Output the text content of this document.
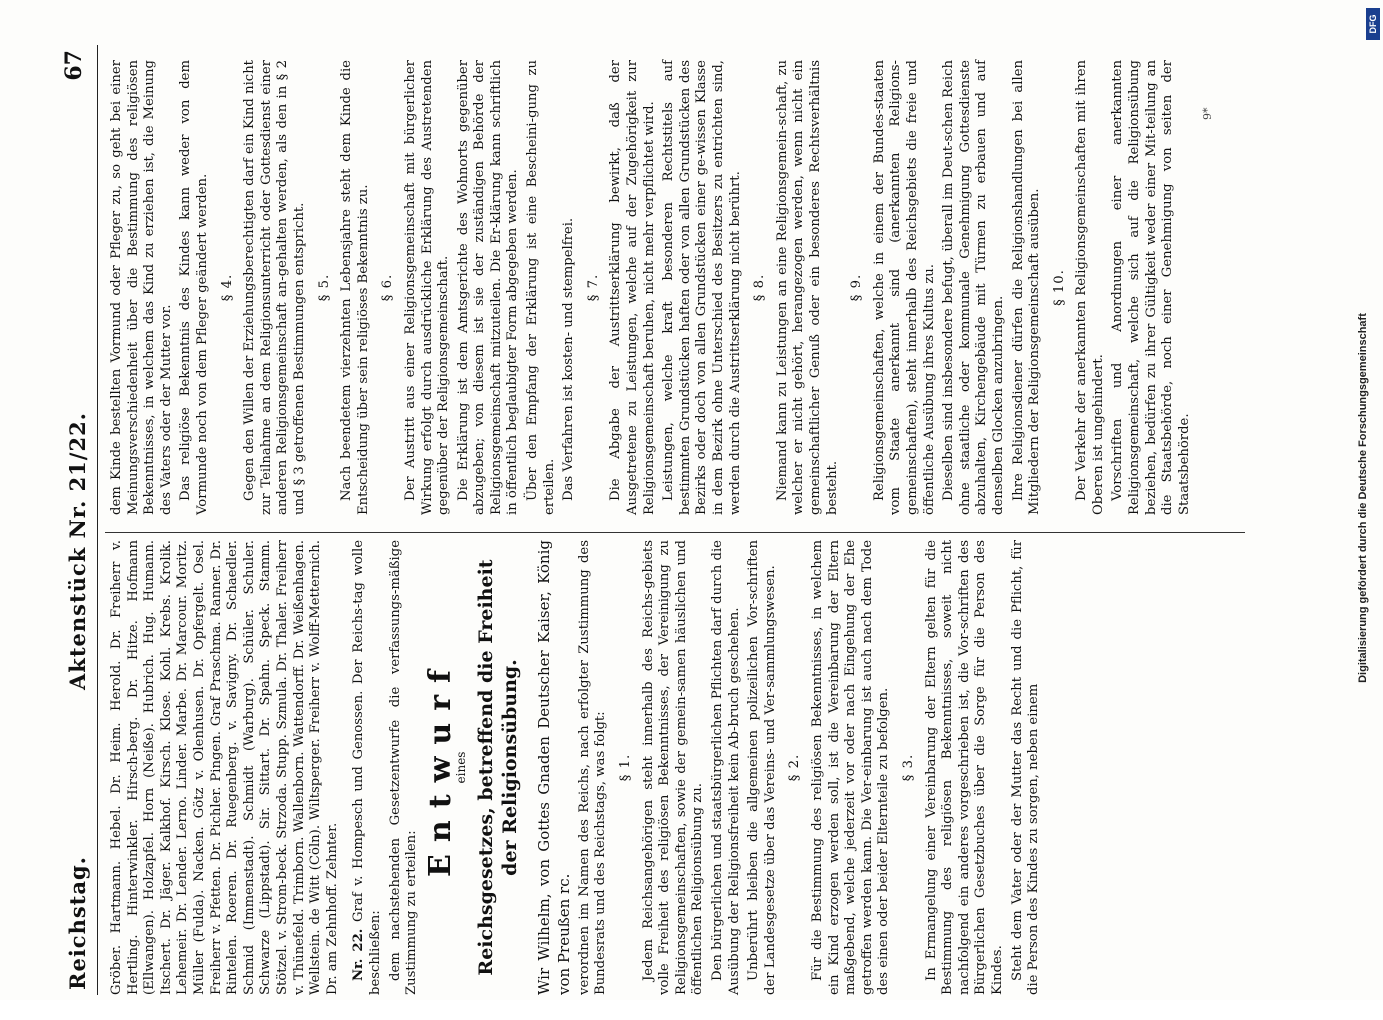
Reichstag.
Aktenstück Nr. 21/22.
67

Gröber. Hartmann. Hebel. Dr. Heim. Herold. Dr. Freiherr v. Hertling. Hinterwinkler. Hirsch-berg. Dr. Hitze. Hofmann (Ellwangen). Holzapfel. Horn (Neiße). Hubrich. Hug. Humann. Itschert. Dr. Jäger. Kalkhof. Kirsch. Klose. Kohl. Krebs. Krolik. Lehemeir. Dr. Lender. Lerno. Linder. Marbe. Dr. Marcour. Moritz. Müller (Fulda). Nacken. Götz v. Olenhusen. Dr. Opfergelt. Osel. Freiherr v. Pfetten. Dr. Pichler. Pingen. Graf Praschma. Ranner. Dr. Rintelen. Roeren. Dr. Ruegenberg. v. Savigny. Dr. Schaedler. Schmid (Immenstadt). Schmidt (Warburg). Schüler. Schuler. Schwarze (Lippstadt). Sir. Sittart. Dr. Spahn. Speck. Stamm. Stötzel. v. Strom-beck. Strzoda. Stupp. Szmula. Dr. Thaler. Freiherr v. Thünefeld. Trimborn. Wallenborn. Wattendorff. Dr. Weißenhagen. Wellstein. de Witt (Cöln). Wiltsperger. Freiherr v. Wolff-Metternich. Dr. am Zehnhoff. Zehnter. Nr. 22. Graf v. Hompesch und Genossen. Der Reichs-tag wolle beschließen: dem nachstehenden Gesetzentwurfe die verfassungs-mäßige Zustimmung zu erteilen:

Entwurf

eines Reichsgesetzes, betreffend die Freiheit der Religionsübung. Wir Wilhelm, von Gottes Gnaden Deutscher Kaiser, König von Preußen rc. verordnen im Namen des Reichs, nach erfolgter Zustimmung des Bundesrats und des Reichstags, was folgt: § 1. Jedem Reichsangehörigen steht innerhalb des Reichs-gebiets volle Freiheit des religiösen Bekenntnisses, der Vereinigung zu Religionsgemeinschaften, sowie der gemein-samen häuslichen und öffentlichen Religionsübung zu. Den bürgerlichen und staatsbürgerlichen Pflichten darf durch die Ausübung der Religionsfreiheit kein Ab-bruch geschehen. Unberührt bleiben die allgemeinen polizeilichen Vor-schriften der Landesgesetze über das Vereins- und Ver-sammlungswesen. § 2. Für die Bestimmung des religiösen Bekenntnisses, in welchem ein Kind erzogen werden soll, ist die Vereinbarung der Eltern maßgebend, welche jederzeit vor oder nach Eingehung der Ehe getroffen werden kann. Die Ver-einbarung ist auch nach dem Tode des einen oder beider Elternteile zu befolgen. § 3. In Ermangelung einer Vereinbarung der Eltern gelten für die Bestimmung des religiösen Bekenntnisses, soweit nicht nachfolgend ein anderes vorgeschrieben ist, die Vor-schriften des Bürgerlichen Gesetzbuches über die Sorge für die Person des Kindes. Steht dem Vater oder der Mutter das Recht und die Pflicht, für die Person des Kindes zu sorgen, neben einem

dem Kinde bestellten Vormund oder Pfleger zu, so geht bei einer Meinungsverschiedenheit über die Bestimmung des religiösen Bekenntnisses, in welchem das Kind zu erziehen ist, die Meinung des Vaters oder der Mutter vor. Das religiöse Bekenntnis des Kindes kann weder von dem Vormunde noch von dem Pfleger geändert werden. § 4. Gegen den Willen der Erziehungsberechtigten darf ein Kind nicht zur Teilnahme an dem Religionsunterricht oder Gottesdienst einer anderen Religionsgemeinschaft an-gehalten werden, als den in § 2 und § 3 getroffenen Bestimmungen entspricht. § 5. Nach beendetem vierzehnten Lebensjahre steht dem Kinde die Entscheidung über sein religiöses Bekenntnis zu. § 6. Der Austritt aus einer Religionsgemeinschaft mit bürgerlicher Wirkung erfolgt durch ausdrückliche Erklärung des Austretenden gegenüber der Religionsgemeinschaft. Die Erklärung ist dem Amtsgerichte des Wohnorts gegenüber abzugeben; von diesem ist sie der zuständigen Behörde der Religionsgemeinschaft mitzuteilen. Die Er-klärung kann schriftlich in öffentlich beglaubigter Form abgegeben werden. Über den Empfang der Erklärung ist eine Bescheini-gung zu erteilen. Das Verfahren ist kosten- und stempelfrei. § 7. Die Abgabe der Austrittserklärung bewirkt, daß der Ausgetretene zu Leistungen, welche auf der Zugehörigkeit zur Religionsgemeinschaft beruhen, nicht mehr verpflichtet wird. Leistungen, welche kraft besonderen Rechtstitels auf bestimmten Grundstücken haften oder von allen Grundstücken des Bezirks oder doch von allen Grundstücken einer ge-wissen Klasse in dem Bezirk ohne Unterschied des Besitzers zu entrichten sind, werden durch die Austrittserklärung nicht berührt. § 8. Niemand kann zu Leistungen an eine Religionsgemein-schaft, zu welcher er nicht gehört, herangezogen werden, wenn nicht ein gemeinschaftlicher Genuß oder ein besonderes Rechtsverhältnis besteht.

§ 9. Religionsgemeinschaften, welche in einem der Bundes-staaten vom Staate anerkannt sind (anerkannten Religions-gemeinschaften), steht innerhalb des Reichsgebiets die freie und öffentliche Ausübung ihres Kultus zu. Dieselben sind insbesondere befugt, überall im Deut-schen Reich ohne staatliche oder kommunale Genehmigung Gottesdienste abzuhalten, Kirchengebäude mit Türmen zu erbauen und auf denselben Glocken anzubringen. Ihre Religionsdiener dürfen die Religionshandlungen bei allen Mitgliedern der Religionsgemeinschaft ausüben. § 10. Der Verkehr der anerkannten Religionsgemeinschaften mit ihren Oberen ist ungehindert. Vorschriften und Anordnungen einer anerkannten Religionsgemeinschaft, welche sich auf die Religionsübung beziehen, bedürfen zu ihrer Gültigkeit weder einer Mit-teilung an die Staatsbehörde, noch einer Genehmigung von seiten der Staatsbehörde.

9*
Digitalisierung gefördert durch die Deutsche Forschungsgemeinschaft
DFG
